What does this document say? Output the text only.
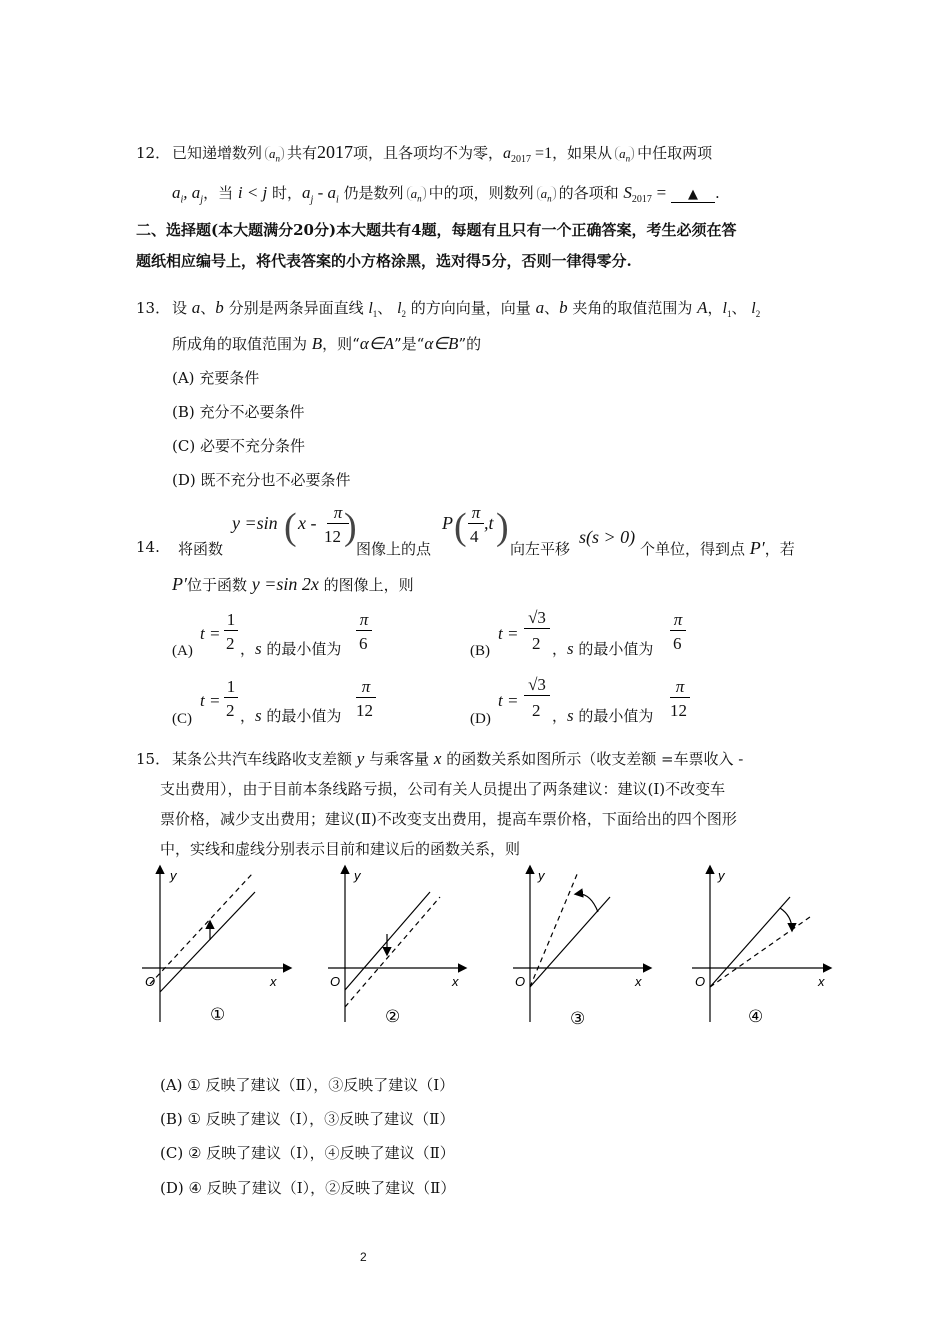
12． 已知递增数列 $a_n$ 共有2017项，且各项均不为零，$a_{2017} =1$，如果从 $a_n$ 中任取两项
$a_i$, $a_j$，当 i < j 时，$a_j - a_i$ 仍是数列 $a_n$ 中的项，则数列 $a_n$ 的各项和 $S_{2017}$ = ▲ .
二、选择题(本大题满分20分)本大题共有4题，每题有且只有一个正确答案，考生必须在答
题纸相应编号上，将代表答案的小方格涂黑，选对得5分，否则一律得零分.
13． 设 a、b 分别是两条异面直线 $l_1$、 $l_2$ 的方向向量，向量 a、b 夹角的取值范围为 A，$l_1$、 $l_2$
所成角的取值范围为 B，则“α∈A”是“α∈B”的
(A) 充要条件
(B) 充分不必要条件
(C) 必要不充分条件
(D) 既不充分也不必要条件
14. 将函数
y =sin ( x -
π
12 )
图像上的点
P ( π
4
,t )
向左平移
s(s > 0)
个单位，得到点 P′，若
P′位于函数 y =sin 2x 的图像上，则
(A)
t =
1
2 ，s 的最小值为
π
6	(B)
t =
√3
2 ，s 的最小值为
π
6
(C)
t =
1
2 ，s 的最小值为
π
12	(D)
t =
√3
2 ，s 的最小值为
π
12
15． 某条公共汽车线路收支差额 y 与乘客量 x 的函数关系如图所示（收支差额 =车票收入 -
支出费用），由于目前本条线路亏损，公司有关人员提出了两条建议：建议(I)不改变车
票价格，减少支出费用；建议(Ⅱ)不改变支出费用，提高车票价格，下面给出的四个图形
中，实线和虚线分别表示目前和建议后的函数关系，则
y
x
O
①
y
x
O
②
y
x
O
③
y
x
O
④
(A) ① 反映了建议（Ⅱ），③反映了建议（Ⅰ）
(B) ① 反映了建议（Ⅰ），③反映了建议（Ⅱ）
(C) ② 反映了建议（Ⅰ），④反映了建议（Ⅱ）
(D) ④ 反映了建议（Ⅰ），②反映了建议（Ⅱ）
2
